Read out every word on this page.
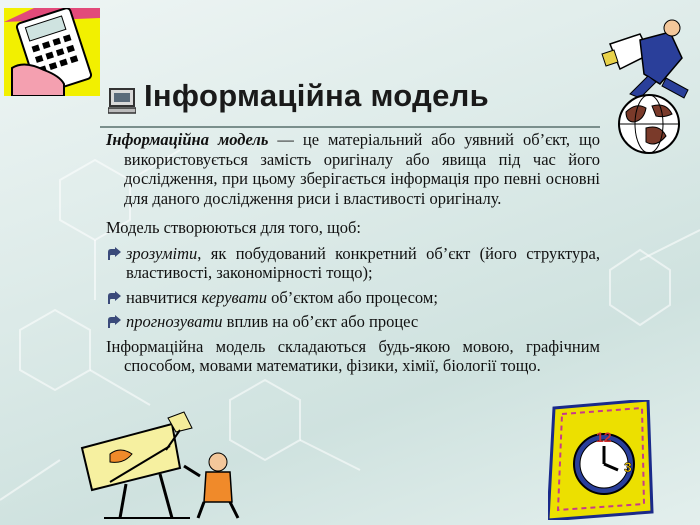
Інформаційна модель

Інформаційна модель — це матеріальний або уявний об’єкт, що використовується замість оригіналу або явища під час його дослідження, при цьому зберігається інформація про певні основні для даного дослідження риси і властивості оригіналу.

Модель створюються для того, щоб:

зрозуміти, як побудований конкретний об’єкт (його структура, властивості, закономірності тощо);
навчитися керувати об’єктом або процесом;
прогнозувати вплив на об’єкт або процес

Інформаційна модель складаються будь-якою мовою, графічним способом, мовами математики, фізики, хімії, біології тощо.

12
3
